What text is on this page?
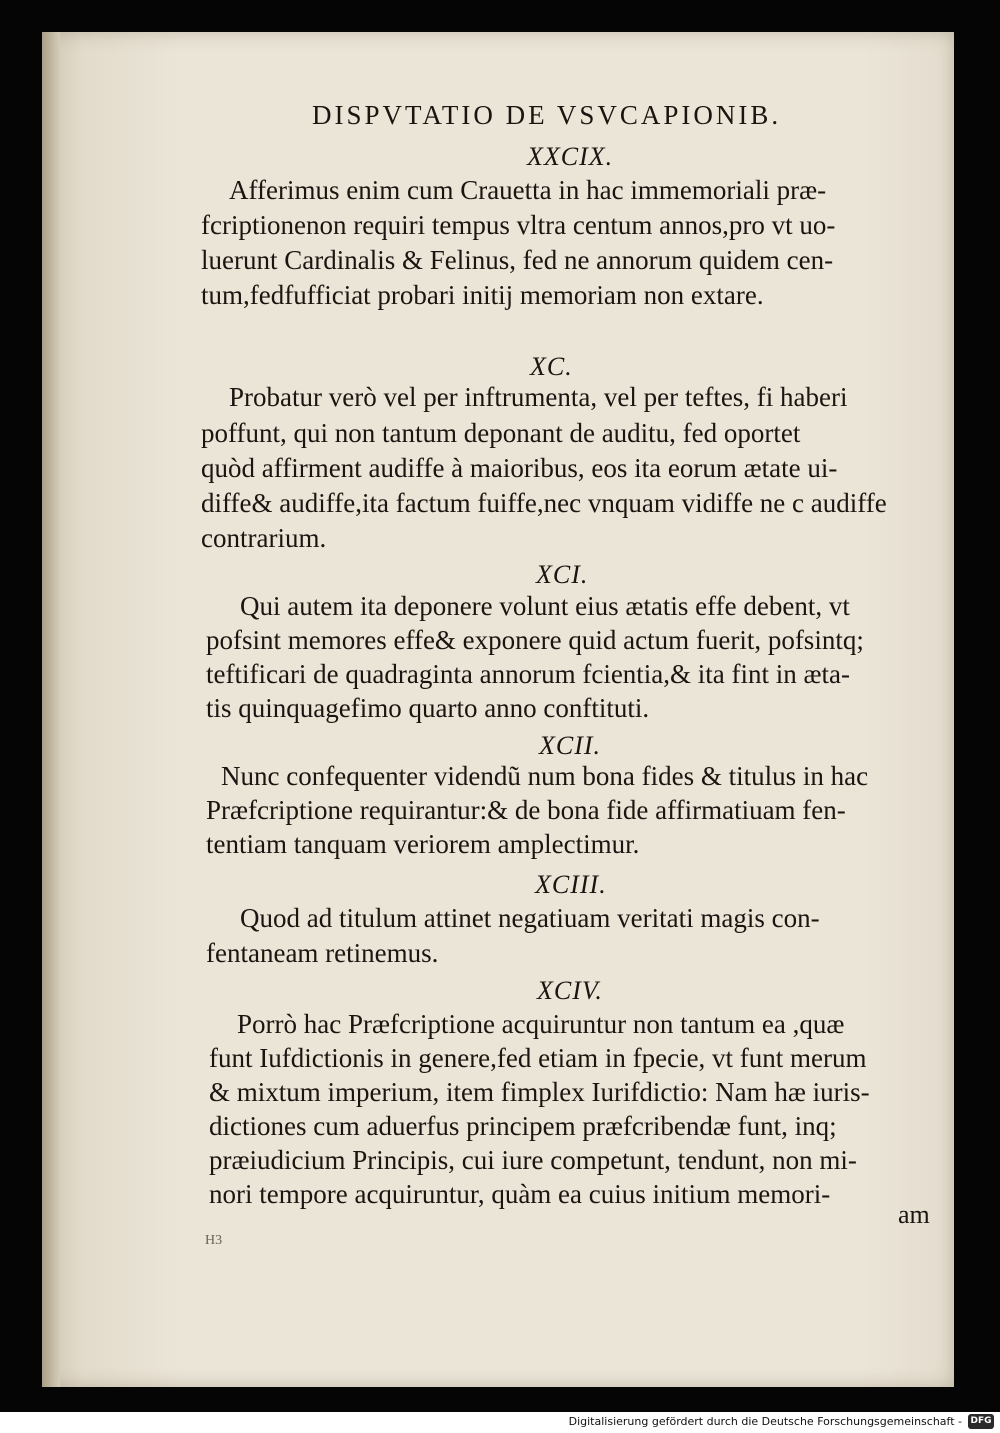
DISPVTATIO DE VSVCAPIONIB.
XXCIX.
Afferimus enim cum Crauetta in hac immemoriali præ-
fcriptionenon requiri tempus vltra centum annos,pro vt uo-
luerunt Cardinalis & Felinus, fed ne annorum quidem cen-
tum,fedfufficiat probari initij memoriam non extare.
XC.
Probatur verò vel per inftrumenta, vel per teftes, fi haberi
poffunt, qui non tantum deponant de auditu, fed oportet
quòd affirment audiffe à maioribus, eos ita eorum ætate ui-
diffe& audiffe,ita factum fuiffe,nec vnquam vidiffe ne c audiffe
contrarium.
XCI.
Qui autem ita deponere volunt eius ætatis effe debent, vt
pofsint memores effe& exponere quid actum fuerit, pofsintq;
teftificari de quadraginta annorum fcientia,& ita fint in æta-
tis quinquagefimo quarto anno conftituti.
XCII.
Nunc confequenter videndũ num bona fides & titulus in hac
Præfcriptione requirantur:& de bona fide affirmatiuam fen-
tentiam tanquam veriorem amplectimur.
XCIII.
Quod ad titulum attinet negatiuam veritati magis con-
fentaneam retinemus.
XCIV.
Porrò hac Præfcriptione acquiruntur non tantum ea ,quæ
funt Iufdictionis in genere,fed etiam in fpecie, vt funt merum
& mixtum imperium, item fimplex Iurifdictio: Nam hæ iuris-
dictiones cum aduerfus principem præfcribendæ funt, inq;
præiudicium Principis, cui iure competunt, tendunt, non mi-
nori tempore acquiruntur, quàm ea cuius initium memori-
am
H3
Digitalisierung gefördert durch die Deutsche Forschungsgemeinschaft - DFG
